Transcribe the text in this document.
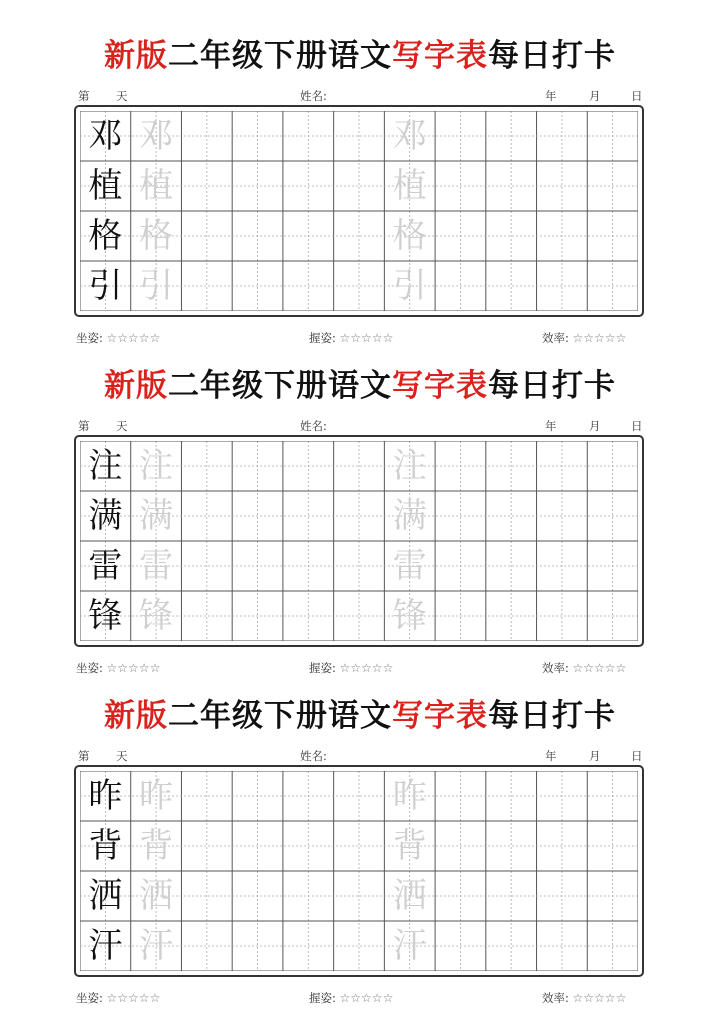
新版二年级下册语文写字表每日打卡
第 天	姓名:	年	月	日
邓 邓	邓
植 植	植
格 格	格
引 引	引
坐姿: ☆☆☆☆☆	握姿: ☆☆☆☆☆	效率: ☆☆☆☆☆
新版二年级下册语文写字表每日打卡
第 天	姓名:	年	月	日
注 注	注
满 满	满
雷 雷	雷
锋 锋	锋
坐姿: ☆☆☆☆☆	握姿: ☆☆☆☆☆	效率: ☆☆☆☆☆
新版二年级下册语文写字表每日打卡
第 天	姓名:	年	月	日
昨 昨	昨
背 背	背
洒 洒	洒
汗 汗	汗
坐姿: ☆☆☆☆☆	握姿: ☆☆☆☆☆	效率: ☆☆☆☆☆
